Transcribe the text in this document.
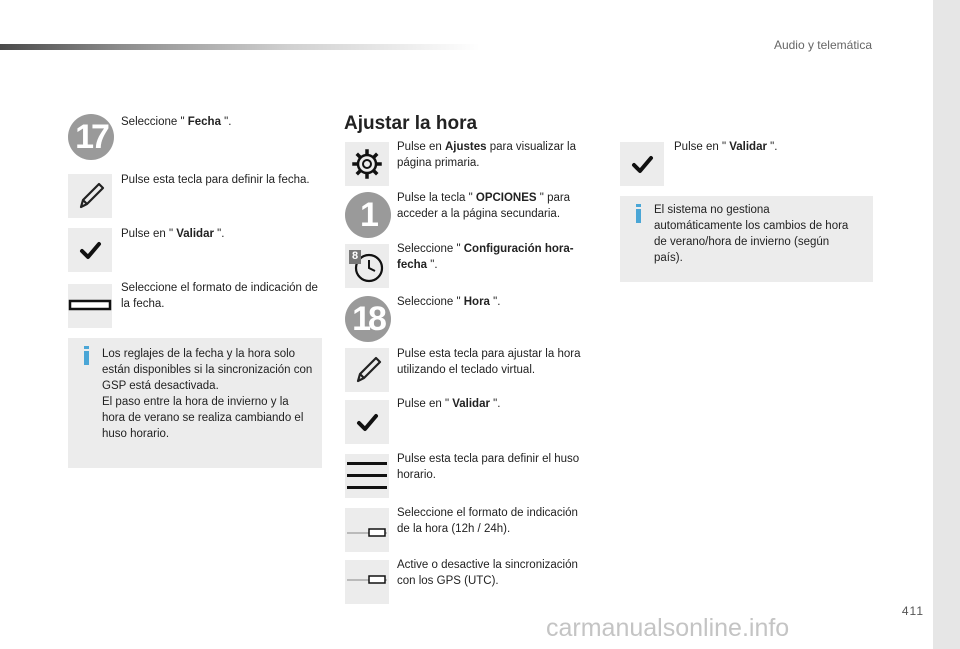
Audio y telemática
411
carmanualsonline.info
17	Seleccione " Fecha ".
Pulse esta tecla para definir la fecha.
Pulse en " Validar ".
Seleccione el formato de indicación de la fecha.
Los reglajes de la fecha y la hora solo están disponibles si la sincronización con GSP está desactivada.
El paso entre la hora de invierno y la hora de verano se realiza cambiando el huso horario.
Ajustar la hora
Pulse en Ajustes para visualizar la página primaria.
1	Pulse la tecla " OPCIONES " para acceder a la página secundaria.
8
Seleccione " Configuración hora-fecha ".
18	Seleccione " Hora ".
Pulse esta tecla para ajustar la hora utilizando el teclado virtual.
Pulse en " Validar ".
Pulse esta tecla para definir el huso horario.
Seleccione el formato de indicación de la hora (12h / 24h).
Active o desactive la sincronización con los GPS (UTC).
Pulse en " Validar ".
El sistema no gestiona automáticamente los cambios de hora de verano/hora de invierno (según país).
